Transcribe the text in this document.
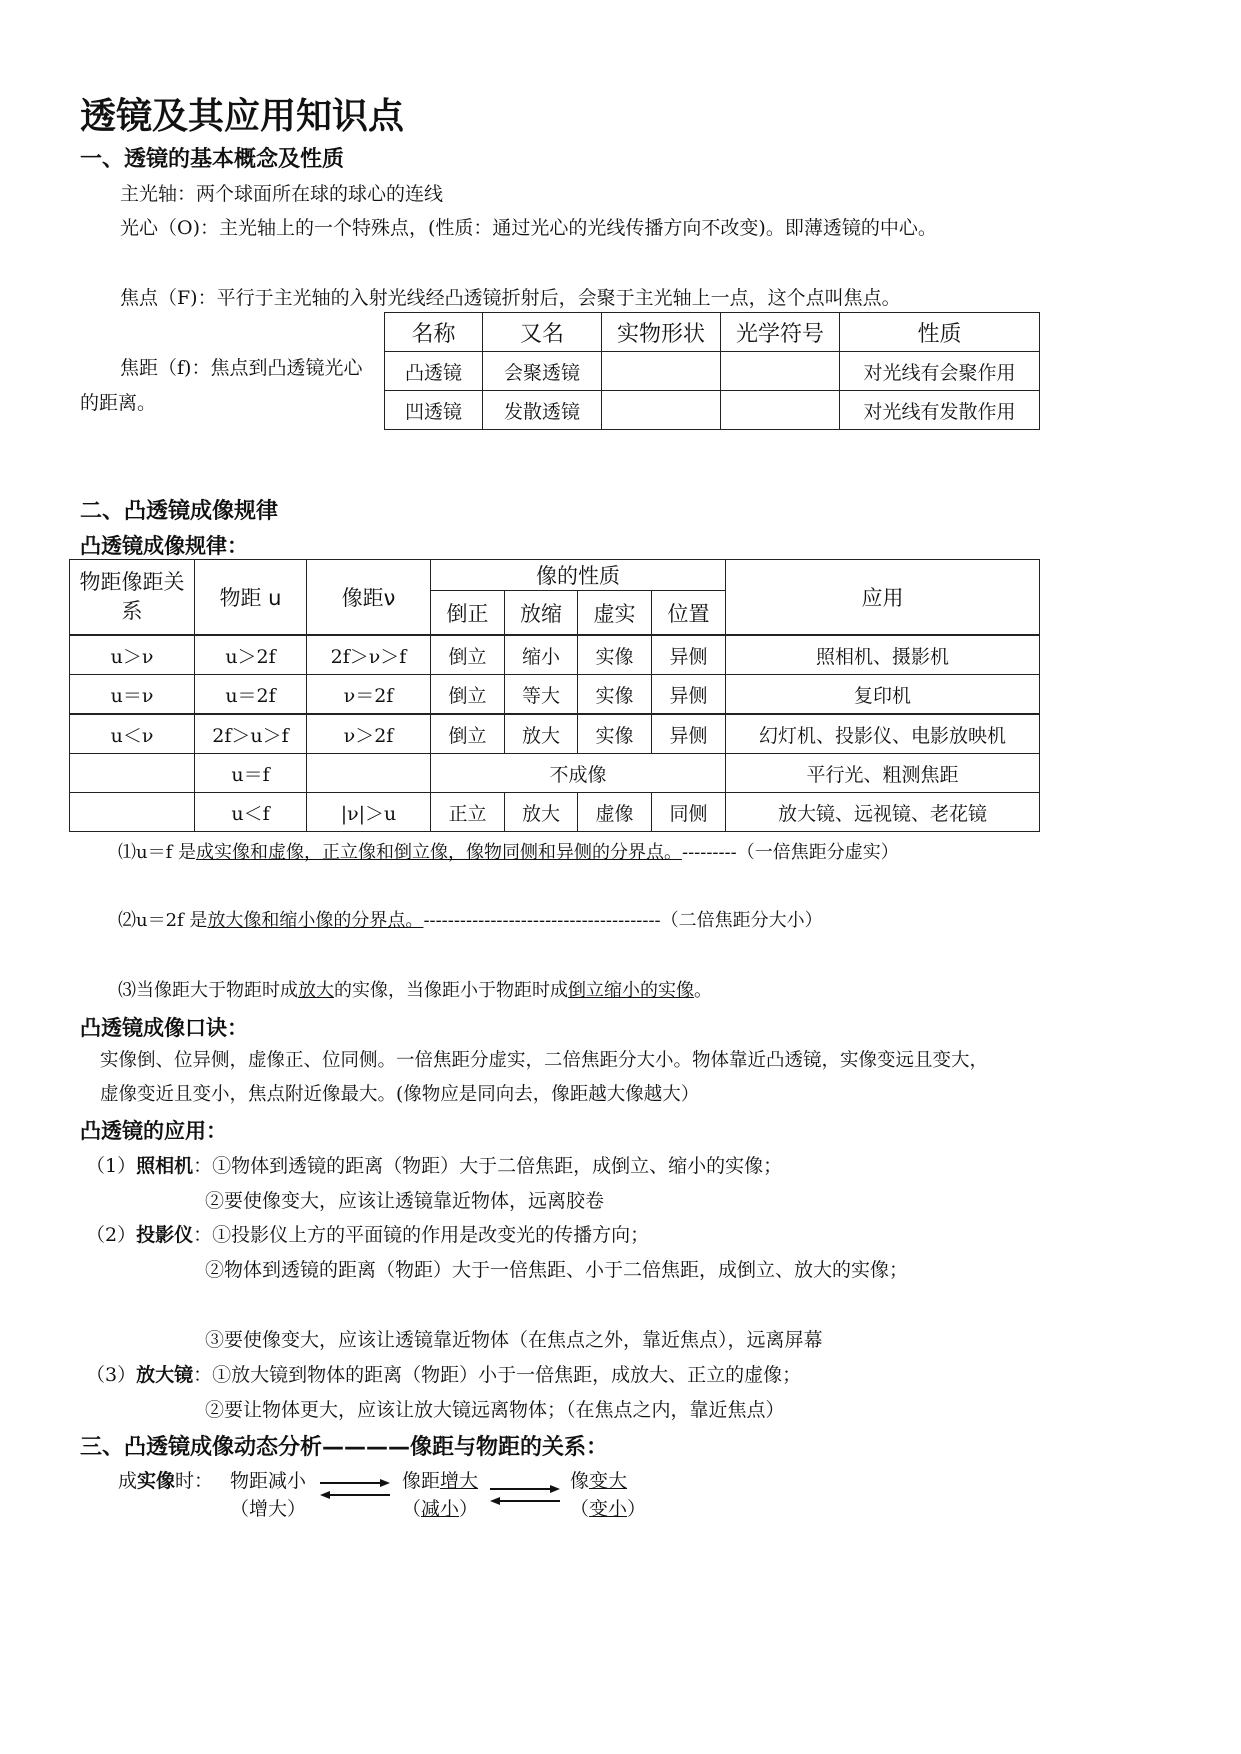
透镜及其应用知识点
一、透镜的基本概念及性质
主光轴：两个球面所在球的球心的连线
光心（O)：主光轴上的一个特殊点，(性质：通过光心的光线传播方向不改变)。即薄透镜的中心。
焦点（F)：平行于主光轴的入射光线经凸透镜折射后，会聚于主光轴上一点，这个点叫焦点。
焦距（f)：焦点到凸透镜光心
的距离。
名称	又名	实物形状	光学符号	性质
凸透镜	会聚透镜			对光线有会聚作用
凹透镜	发散透镜			对光线有发散作用
二、凸透镜成像规律
凸透镜成像规律：
物距像距关系	物距 u	像距ν	像的性质				应用
			倒正	放缩	虚实	位置	
u＞ν	u＞2f	2f＞ν＞f	倒立	缩小	实像	异侧	照相机、摄影机
u＝ν	u＝2f	ν＝2f	倒立	等大	实像	异侧	复印机
u＜ν	2f＞u＞f	ν＞2f	倒立	放大	实像	异侧	幻灯机、投影仪、电影放映机
	u＝f		不成像				平行光、粗测焦距
	u＜f	|ν|＞u	正立	放大	虚像	同侧	放大镜、远视镜、老花镜
⑴u＝f 是成实像和虚像，正立像和倒立像，像物同侧和异侧的分界点。---------（一倍焦距分虚实）
⑵u＝2f 是放大像和缩小像的分界点。---------------------------------------（二倍焦距分大小）
⑶当像距大于物距时成放大的实像，当像距小于物距时成倒立缩小的实像。
凸透镜成像口诀：
实像倒、位异侧，虚像正、位同侧。一倍焦距分虚实，二倍焦距分大小。物体靠近凸透镜，实像变远且变大，
虚像变近且变小，焦点附近像最大。(像物应是同向去，像距越大像越大）
凸透镜的应用：
（1）照相机：①物体到透镜的距离（物距）大于二倍焦距，成倒立、缩小的实像；
②要使像变大，应该让透镜靠近物体，远离胶卷
（2）投影仪：①投影仪上方的平面镜的作用是改变光的传播方向；
②物体到透镜的距离（物距）大于一倍焦距、小于二倍焦距，成倒立、放大的实像；
③要使像变大，应该让透镜靠近物体（在焦点之外，靠近焦点），远离屏幕
（3）放大镜：①放大镜到物体的距离（物距）小于一倍焦距，成放大、正立的虚像；
②要让物体更大，应该让放大镜远离物体；（在焦点之内，靠近焦点）
三、凸透镜成像动态分析————像距与物距的关系：
成实像时： 物距减小
（增大）
像距增大
（减小）
像变大
（变小）
